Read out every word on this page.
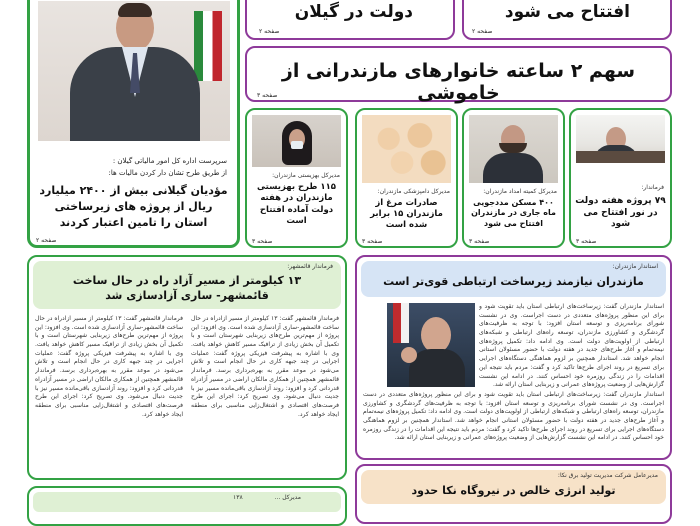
افتتاح می شود
صفحه ۲
دولت در گیلان
صفحه ۲
سهم ۲ ساعته خانوارهای مازندرانی از خاموشی
صفحه ۳
سرپرست اداره کل امور مالیاتی گیلان :
از طریق طرح تشان دار کردن مالیات ها:
مؤدیان گیلانی بیش از ۲۴۰۰ میلیارد ریال از پروژه های زیرساختی استان را تامین اعتبار کردند
صفحه ۲
فرماندار:
۷۹ پروژه هفته دولت در نور افتتاح می شود
صفحه ۳
مدیرکل کمیته امداد مازندران:
۴۰۰ مسکن مددجویی ماه جاری در مازندران افتتاح می شود
صفحه ۳
مدیرکل دامپزشکی مازندران:
صادرات مرغ از مازندران ۱۵ برابر شده است
صفحه ۳
مدیرکل بهزیستی مازندران:
۱۱۵ طرح بهزیستی مازندران در هفته دولت آماده افتتاح است
صفحه ۳
استاندار مازندران:
مازندران نیازمند زیرساخت ارتباطی قوی‌تر است
استاندار مازندران گفت: زیرساخت‌های ارتباطی استان باید تقویت شود و برای این منظور پروژه‌های متعددی در دست اجراست. وی در نشست شورای برنامه‌ریزی و توسعه استان افزود: با توجه به ظرفیت‌های گردشگری و کشاورزی مازندران، توسعه راه‌های ارتباطی و شبکه‌های ارتباطی از اولویت‌های دولت است. وی ادامه داد: تکمیل پروژه‌های نیمه‌تمام و آغاز طرح‌های جدید در هفته دولت با حضور مسئولان استانی انجام خواهد شد. استاندار همچنین بر لزوم هماهنگی دستگاه‌های اجرایی برای تسریع در روند اجرای طرح‌ها تاکید کرد و گفت: مردم باید نتیجه این اقدامات را در زندگی روزمره خود احساس کنند. در ادامه این نشست گزارش‌هایی از وضعیت پروژه‌های عمرانی و زیربنایی استان ارائه شد.
استاندار مازندران گفت: زیرساخت‌های ارتباطی استان باید تقویت شود و برای این منظور پروژه‌های متعددی در دست اجراست. وی در نشست شورای برنامه‌ریزی و توسعه استان افزود: با توجه به ظرفیت‌های گردشگری و کشاورزی مازندران، توسعه راه‌های ارتباطی و شبکه‌های ارتباطی از اولویت‌های دولت است. وی ادامه داد: تکمیل پروژه‌های نیمه‌تمام و آغاز طرح‌های جدید در هفته دولت با حضور مسئولان استانی انجام خواهد شد. استاندار همچنین بر لزوم هماهنگی دستگاه‌های اجرایی برای تسریع در روند اجرای طرح‌ها تاکید کرد و گفت: مردم باید نتیجه این اقدامات را در زندگی روزمره خود احساس کنند. در ادامه این نشست گزارش‌هایی از وضعیت پروژه‌های عمرانی و زیربنایی استان ارائه شد.
فرماندار قائمشهر:
۱۳ کیلومتر از مسیر آزاد راه در حال ساخت قائمشهر- ساری آزادسازی شد
فرماندار قائمشهر گفت: ۱۳ کیلومتر از مسیر آزادراه در حال ساخت قائمشهر-ساری آزادسازی شده است. وی افزود: این پروژه از مهم‌ترین طرح‌های زیربنایی شهرستان است و با تکمیل آن بخش زیادی از ترافیک مسیر کاهش خواهد یافت. وی با اشاره به پیشرفت فیزیکی پروژه گفت: عملیات اجرایی در چند جبهه کاری در حال انجام است و تلاش می‌شود در موعد مقرر به بهره‌برداری برسد. فرماندار قائمشهر همچنین از همکاری مالکان اراضی در مسیر آزادراه قدردانی کرد و افزود: روند آزادسازی باقی‌مانده مسیر نیز با جدیت دنبال می‌شود. وی تصریح کرد: اجرای این طرح فرصت‌های اقتصادی و اشتغال‌زایی مناسبی برای منطقه ایجاد خواهد کرد.
فرماندار قائمشهر گفت: ۱۳ کیلومتر از مسیر آزادراه در حال ساخت قائمشهر-ساری آزادسازی شده است. وی افزود: این پروژه از مهم‌ترین طرح‌های زیربنایی شهرستان است و با تکمیل آن بخش زیادی از ترافیک مسیر کاهش خواهد یافت. وی با اشاره به پیشرفت فیزیکی پروژه گفت: عملیات اجرایی در چند جبهه کاری در حال انجام است و تلاش می‌شود در موعد مقرر به بهره‌برداری برسد. فرماندار قائمشهر همچنین از همکاری مالکان اراضی در مسیر آزادراه قدردانی کرد و افزود: روند آزادسازی باقی‌مانده مسیر نیز با جدیت دنبال می‌شود. وی تصریح کرد: اجرای این طرح فرصت‌های اقتصادی و اشتغال‌زایی مناسبی برای منطقه ایجاد خواهد کرد.
مدیرعامل شرکت مدیریت تولید برق نکا:
تولید انرژی خالص در نیروگاه نکا حدود
مدیرکل ...
۱۳۸
